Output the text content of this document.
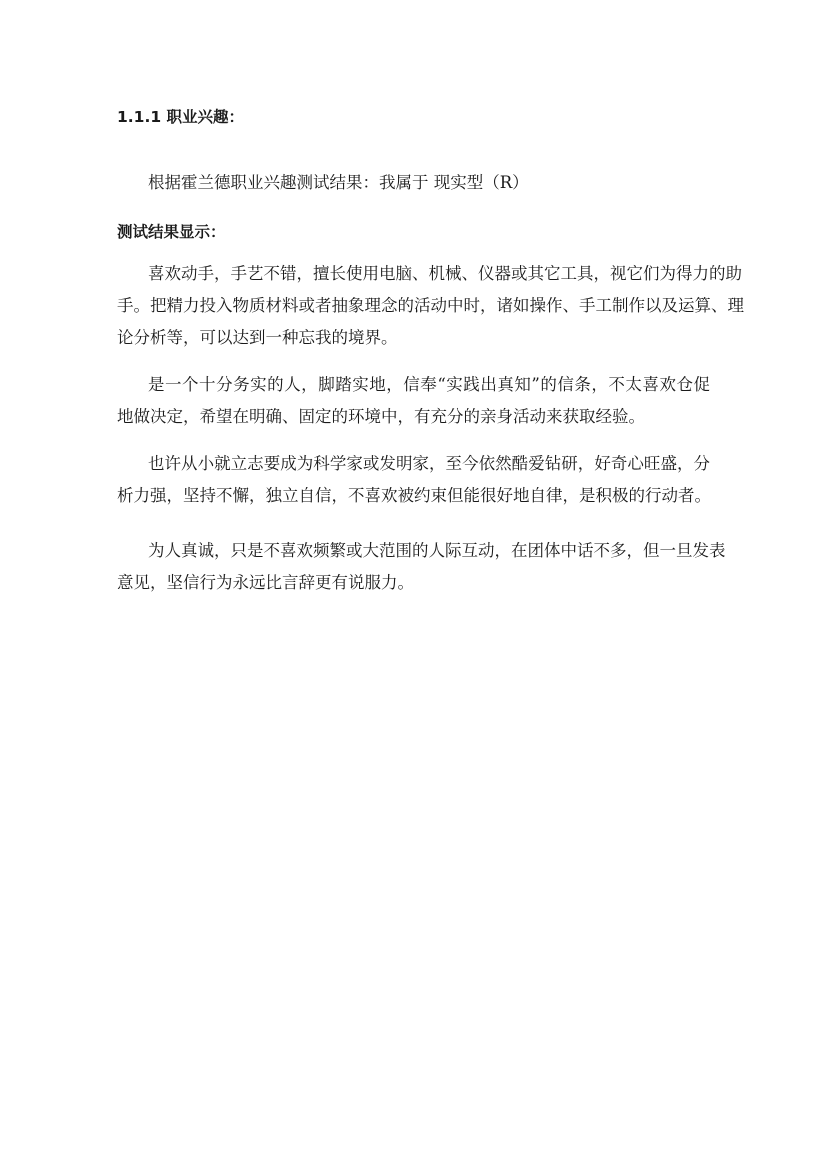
1.1.1 职业兴趣：
根据霍兰德职业兴趣测试结果：我属于 现实型（R）
测试结果显示：
喜欢动手，手艺不错，擅长使用电脑、机械、仪器或其它工具，视它们为得力的助
手。把精力投入物质材料或者抽象理念的活动中时，诸如操作、手工制作以及运算、理
论分析等，可以达到一种忘我的境界。
是一个十分务实的人，脚踏实地，信奉“实践出真知”的信条，不太喜欢仓促
地做决定，希望在明确、固定的环境中，有充分的亲身活动来获取经验。
也许从小就立志要成为科学家或发明家，至今依然酷爱钻研，好奇心旺盛，分
析力强，坚持不懈，独立自信，不喜欢被约束但能很好地自律，是积极的行动者。
为人真诚，只是不喜欢频繁或大范围的人际互动，在团体中话不多，但一旦发表
意见，坚信行为永远比言辞更有说服力。
